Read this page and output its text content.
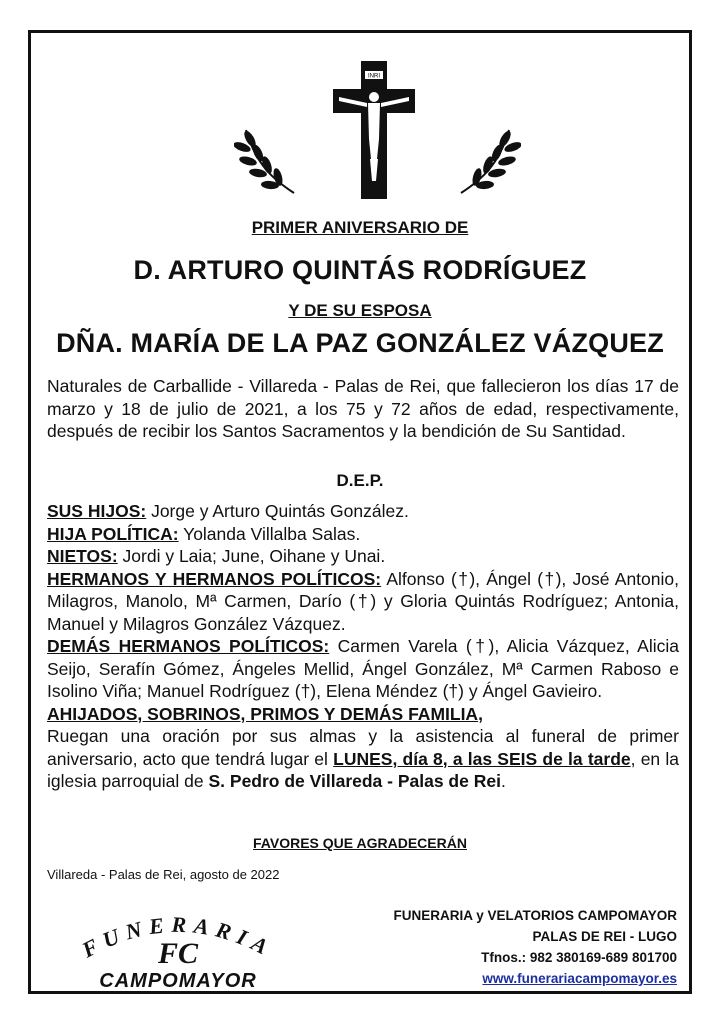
INRI
PRIMER ANIVERSARIO DE
D. ARTURO QUINTÁS RODRÍGUEZ
Y DE SU ESPOSA
DÑA. MARÍA DE LA PAZ GONZÁLEZ VÁZQUEZ

Naturales de Carballide - Villareda - Palas de Rei, que fallecieron los días 17 de marzo y 18 de julio de 2021, a los 75 y 72 años de edad, respectivamente, después de recibir los Santos Sacramentos y la bendición de Su Santidad.

D.E.P.

SUS HIJOS: Jorge y Arturo Quintás González.

HIJA POLÍTICA: Yolanda Villalba Salas.

NIETOS: Jordi y Laia; June, Oihane y Unai.

HERMANOS Y HERMANOS POLÍTICOS: Alfonso (†), Ángel (†), José Antonio, Milagros, Manolo, Mª Carmen, Darío (†) y Gloria Quintás Rodríguez; Antonia, Manuel y Milagros González Vázquez.

DEMÁS HERMANOS POLÍTICOS: Carmen Varela (†), Alicia Vázquez, Alicia Seijo, Serafín Gómez, Ángeles Mellid, Ángel González, Mª Carmen Raboso e Isolino Viña; Manuel Rodríguez (†), Elena Méndez (†) y Ángel Gavieiro.

AHIJADOS, SOBRINOS, PRIMOS Y DEMÁS FAMILIA,

Ruegan una oración por sus almas y la asistencia al funeral de primer aniversario, acto que tendrá lugar el LUNES, día 8, a las SEIS de la tarde, en la iglesia parroquial de S. Pedro de Villareda - Palas de Rei.

FAVORES QUE AGRADECERÁN
Villareda - Palas de Rei, agosto de 2022
FUNERARIA
FC
CAMPOMAYOR
FUNERARIA y VELATORIOS CAMPOMAYOR
PALAS DE REI - LUGO
Tfnos.: 982 380169-689 801700
www.funerariacampomayor.es
